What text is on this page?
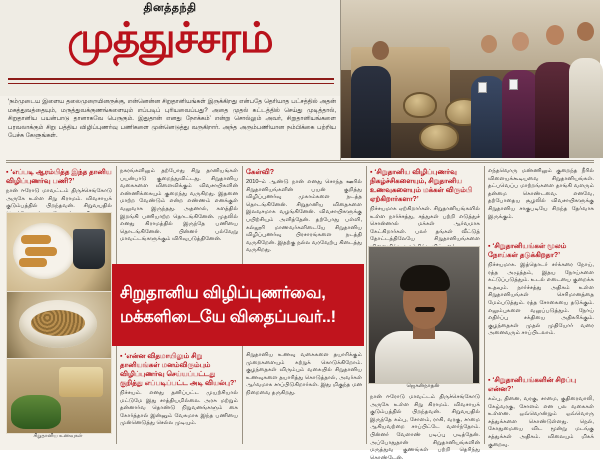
தினத்தந்தி
முத்துச்சரம்
‘நம்முடைய இளைய தலைமுறையினருக்கு, என்னென்ன சிறுதானியங்கள் இருக்கிறது என்பதே தெரியாத பட்சத்தில் அதன் மகத்துவத்தையும், மருத்துவக்குணங்களையும் எப்படிப் புரியவைப்பது? அதை முதல் கட்டத்தில் செய்து முடித்தால், சிறுதானிய பயன்பாடு தானாகவே பெருகும். இதுதான் எனது நோக்கம்’ என்று சொல்லும் அவர், சிறுதானியங்களை பரவலாக்கும் சிறு பத்திய விழிப்புணர்வு பணிகளை முன்னெடுத்து வருகிறார். அந்த அரும்பணியான நம்பிக்கை பற்றிய பேச்சு கேளுங்கள்.
▪ ‘எப்படி ஆரம்பித்த இந்த தானிய விழிப்புணர்வு பணி?’
நான் ஈரோடு மாவட்டம் திருச்செங்கோடு அருகே உள்ள சிறு கிராமம். விவசாயக் குடும்பத்தில் பிறந்தவன். சிறுவயதில்
சிறுதானிய உணவுகள்
நகரங்களிலும் தற்போது சிறு தானியங்கள் பயன்பாடு குறைந்துவிட்டது. சிறுதானிய வகைகளை விளைவிக்கும் விவசாயிகளின் எண்ணிக்கையும் குறைந்து வருகிறது. இதனை மாற்ற வேண்டும் என்ற எண்ணம் எனக்குள் வலுவாக இருந்தது. அதனால், களத்தில் இறங்கி பணியாற்ற தொடங்கினேன். முதலில் எனது கிராமத்தில் இருந்தே பணியை தொடங்கினேன். பின்னர் பல்வேறு மாவட்டங்களுக்கும் விரிவுபடுத்தினேன்.
கேள்வி?
2010–ம் ஆண்டு நான் எனது சொந்த ஊரில் சிறுதானியங்களின் பயன் குறித்து விழிப்புணர்வு முகாம்களை நடத்த தொடங்கினேன். சிறுதானிய விதைகளை இலவசமாக வழங்கினேன். விவசாயிகளுக்கு பயிற்சியும் அளித்தேன். தற்போது பள்ளி, கல்லூரி மாணவர்களிடையே சிறுதானிய விழிப்புணர்வு பிரசாரங்களை நடத்தி வருகிறேன். இதற்கு நல்ல வரவேற்பு கிடைத்து வருகிறது.
▪ ‘சிறுதானிய விழிப்புணர்வு நிகழ்ச்சிகளையும், சிறுதானிய உணவுகளையும் மக்கள் விரும்பி ஏற்கிறார்களா?’
நிச்சயமாக ஏற்கிறார்கள். சிறுதானியங்களில் உள்ள நார்ச்சத்து, சத்துகள் பற்றி எடுத்துச் சொன்னால் மக்கள் ஆர்வமாக கேட்கிறார்கள். பலர் தங்கள் வீட்டுத் தோட்டத்திலேயே சிறுதானியங்களை
ஜெகன்நாதன்
எந்தவொரு மண்ணிலும் குறைந்த நீரில் விளையக்கூடியவை சிறுதானியங்கள். தட்பவெப்ப மாற்றங்களை தாங்கி வளரும் தன்மை கொண்டவை. எனவே, தற்போதைய சூழலில் விவசாயிகளுக்கு சிறுதானிய சாகுபடியே சிறந்த தேர்வாக இருக்கும்.
▪ ‘சிறுதானியங்கள் மூலம் நோய்கள் தடுக்கிறதா?’
நிச்சயமாக. இத்தொடர் சர்க்கரை நோய், ரத்த அழுத்தம், இதய நோய்களை கட்டுப்படுத்தும். உடல் எடையை குறைக்க உதவும். நார்ச்சத்து அதிகம் உள்ள சிறுதானியங்கள் செரிமானத்தை மேம்படுத்தும். ரத்த சோகையை தடுக்கும். எலும்புகளை வலுப்படுத்தும். நோய் எதிர்ப்பு சக்தியை அதிகரிக்கும். குழந்தைகள் முதல் முதியோர் வரை அனைவரும் சாப்பிடலாம்.
▪ ‘சிறுதானியங்களின் சிறப்பு என்ன?’
கம்பு, தினை, வரகு, சாமை, குதிரைவாலி, கேழ்வரகு, சோளம் என பல வகைகள் உள்ளன. ஒவ்வொன்றும் ஒவ்வொரு சத்துக்களை கொண்டுள்ளது. நெல், கோதுமையை விட மூன்று மடங்கு சத்துக்கள் அதிகம். விலையும் மிகக் குறைவு.
சிறுதானிய விழிப்புணர்வை,
மக்களிடையே விதைப்பவர்..!
▪ ‘என்ன விதமாயிலும் சிறு தானியங்கள் மனம்விரும்பும் விழிப்புணர்வு செய்யப்பட்டது குறித்து எப்படிப்பட்ட அடி வியல்பு?’
நிச்சயம். எனது தனிப்பட்ட முயற்சியால் மட்டுமே இது சாத்தியமில்லை. அரசு மற்றும் தன்னார்வ தொண்டு நிறுவனங்களும் கை கோர்த்தால் இன்னும் வேகமாக இந்த பணியை முன்னெடுத்து செல்ல முடியும்.
சிறுதானிய உணவு வகைகளை தயாரிக்கும் முறைகளையும் கற்றுக் கொடுக்கிறோம். குழந்தைகள் விரும்பும் வகையில் சிறுதானிய உணவுகளை தயாரித்து கொடுத்தால், அவர்கள் ஆர்வமாக சாப்பிடுகிறார்கள். இது மிகுந்த மன நிறைவை தருகிறது.
நான் ஈரோடு மாவட்டம் திருச்செங்கோடு அருகே உள்ள சிறு கிராமம். விவசாயக் குடும்பத்தில் பிறந்தவன். சிறுவயதில் இருந்தே கம்பு, சோளம், ராகி, வரகு, சாமை ஆகியவற்றை சாப்பிட்டே வளர்ந்தோம். பின்னர் வேளாண் படிப்பு படித்தேன். அப்போதுதான் சிறுதானியங்களின் மருத்துவ குணங்கள் பற்றி தெரிந்து கொண்டேன்.
